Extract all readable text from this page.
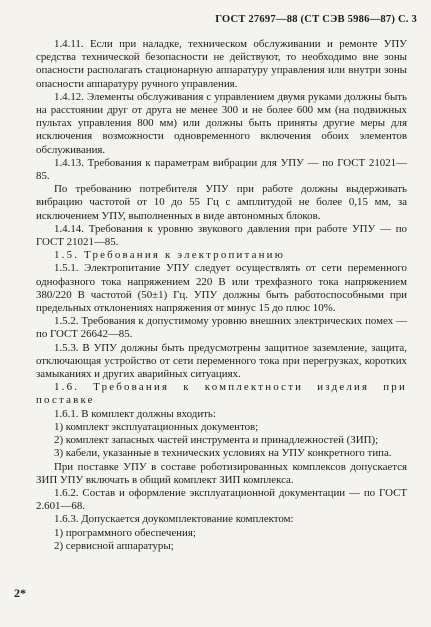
ГОСТ 27697—88 (СТ СЭВ 5986—87) С. 3

1.4.11. Если при наладке, техническом обслуживании и ремонте УПУ средства технической безопасности не действуют, то необходимо вне зоны опасности располагать стационарную аппаратуру управления или внутри зоны опасности аппаратуру ручного управления.

1.4.12. Элементы обслуживания с управлением двумя руками должны быть на расстоянии друг от друга не менее 300 и не более 600 мм (на подвижных пультах управления 800 мм) или должны быть приняты другие меры для исключения возможности одновременного включения обоих элементов обслуживания.

1.4.13. Требования к параметрам вибрации для УПУ — по ГОСТ 21021—85.

По требованию потребителя УПУ при работе должны выдерживать вибрацию частотой от 10 до 55 Гц с амплитудой не более 0,15 мм, за исключением УПУ, выполненных в виде автономных блоков.

1.4.14. Требования к уровню звукового давления при работе УПУ — по ГОСТ 21021—85.

1.5. Требования к электропитанию

1.5.1. Электропитание УПУ следует осуществлять от сети переменного однофазного тока напряжением 220 В или трехфазного тока напряжением 380/220 В частотой (50±1) Гц. УПУ должны быть работоспособными при предельных отклонениях напряжения от минус 15 до плюс 10%.

1.5.2. Требования к допустимому уровню внешних электрических помех — по ГОСТ 26642—85.

1.5.3. В УПУ должны быть предусмотрены защитное заземление, защита, отключающая устройство от сети переменного тока при перегрузках, коротких замыканиях и других аварийных ситуациях.

1.6. Требования к комплектности изделия при поставке

1.6.1. В комплект должны входить:

1) комплект эксплуатационных документов;

2) комплект запасных частей инструмента и принадлежностей (ЗИП);

3) кабели, указанные в технических условиях на УПУ конкретного типа.

При поставке УПУ в составе роботизированных комплексов допускается ЗИП УПУ включать в общий комплект ЗИП комплекса.

1.6.2. Состав и оформление эксплуатационной документации — по ГОСТ 2.601—68.

1.6.3. Допускается доукомплектование комплектом:

1) программного обеспечения;

2) сервисной аппаратуры;

2*
